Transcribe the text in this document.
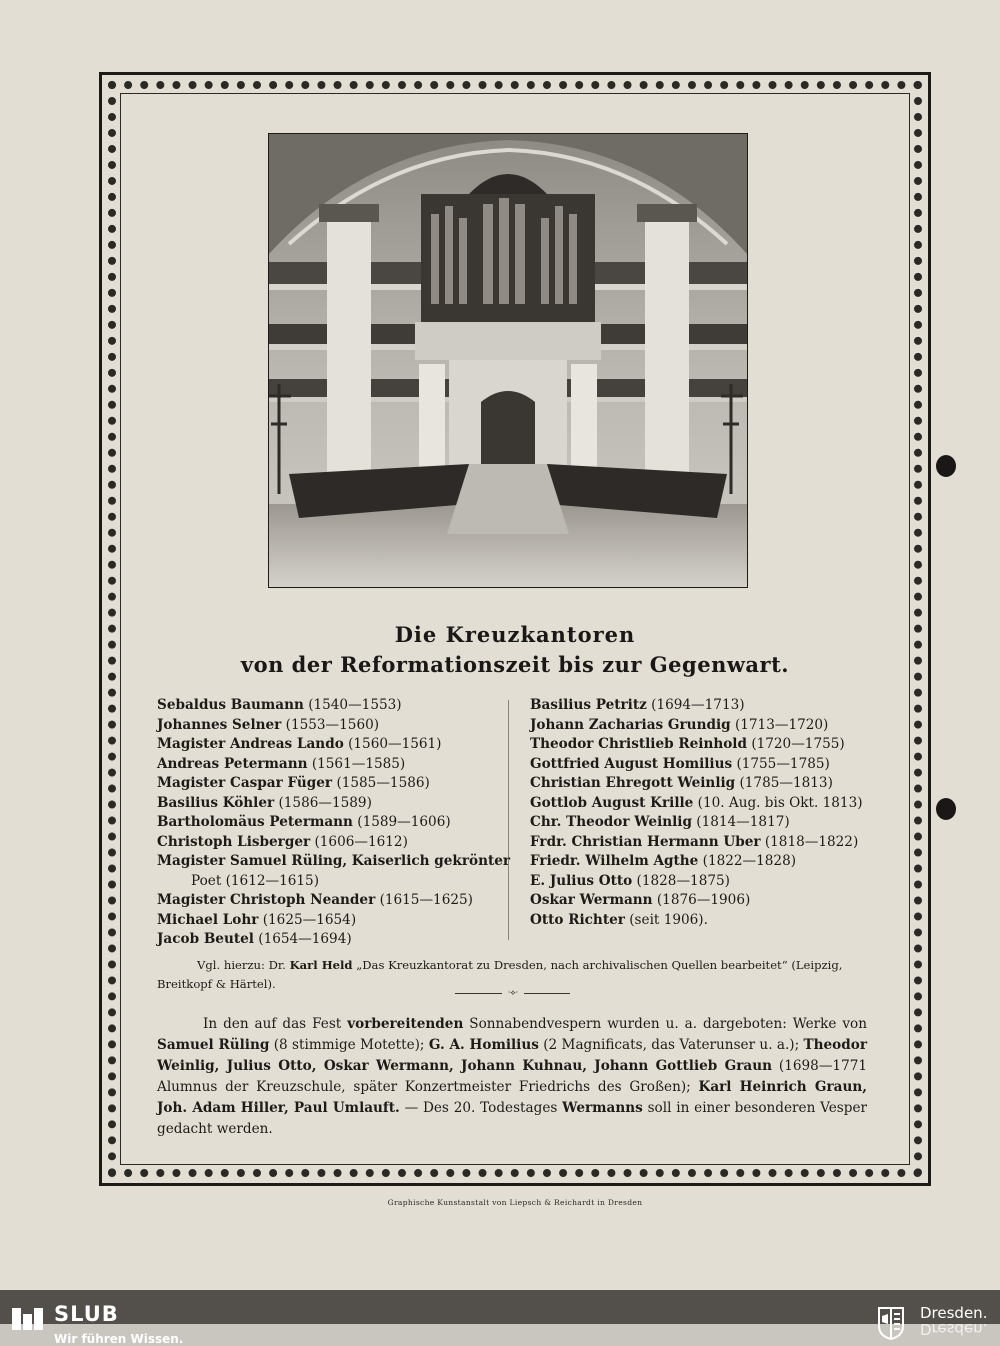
Die Kreuzkantoren
von der Reformationszeit bis zur Gegenwart.
Sebaldus Baumann (1540—1553)
Johannes Selner (1553—1560)
Magister Andreas Lando (1560—1561)
Andreas Petermann (1561—1585)
Magister Caspar Füger (1585—1586)
Basilius Köhler (1586—1589)
Bartholomäus Petermann (1589—1606)
Christoph Lisberger (1606—1612)
Magister Samuel Rüling, Kaiserlich gekrönter
Poet (1612—1615)
Magister Christoph Neander (1615—1625)
Michael Lohr (1625—1654)
Jacob Beutel (1654—1694)
Basilius Petritz (1694—1713)
Johann Zacharias Grundig (1713—1720)
Theodor Christlieb Reinhold (1720—1755)
Gottfried August Homilius (1755—1785)
Christian Ehregott Weinlig (1785—1813)
Gottlob August Krille (10. Aug. bis Okt. 1813)
Chr. Theodor Weinlig (1814—1817)
Frdr. Christian Hermann Uber (1818—1822)
Friedr. Wilhelm Agthe (1822—1828)
E. Julius Otto (1828—1875)
Oskar Wermann (1876—1906)
Otto Richter (seit 1906).
Vgl. hierzu: Dr. Karl Held „Das Kreuzkantorat zu Dresden, nach archivalischen Quellen bearbeitet“ (Leipzig, Breitkopf & Härtel).
·⟡·
In den auf das Fest vorbereitenden Sonnabendvespern wurden u. a. dargeboten: Werke von Samuel Rüling (8 stimmige Motette); G. A. Homilius (2 Magnificats, das Vaterunser u. a.); Theodor Weinlig, Julius Otto, Oskar Wermann, Johann Kuhnau, Johann Gottlieb Graun (1698—1771 Alumnus der Kreuzschule, später Konzertmeister Friedrichs des Großen); Karl Heinrich Graun, Joh. Adam Hiller, Paul Umlauft. — Des 20. Todestages Wermanns soll in einer besonderen Vesper gedacht werden.
Graphische Kunstanstalt von Liepsch & Reichardt in Dresden
SLUB
Wir führen Wissen.
Dresden.
Dresden.
